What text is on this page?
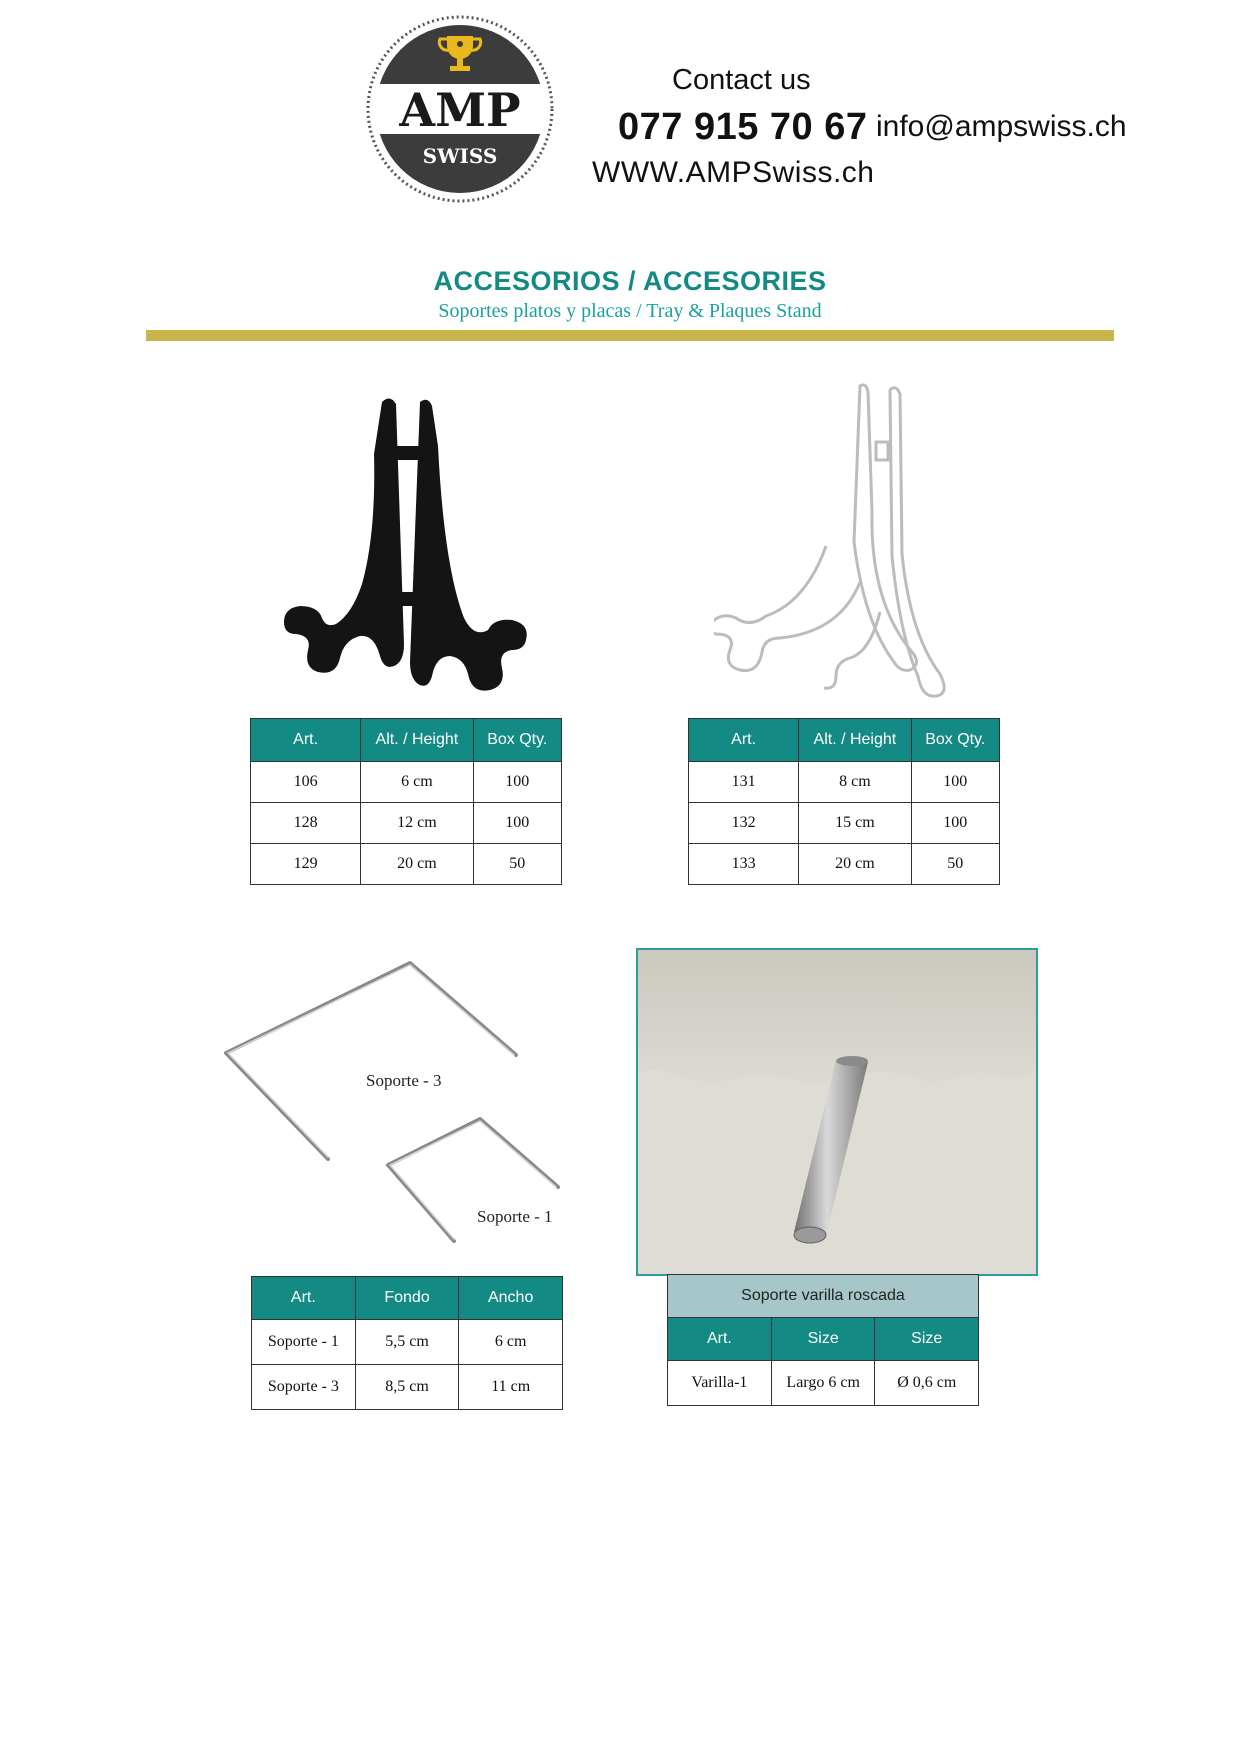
AMP
SWISS
Contact us
077 915 70 67 info@ampswiss.ch
WWW.AMPSwiss.ch
ACCESORIOS / ACCESORIES
Soportes platos y placas / Tray & Plaques Stand
Art.	Alt. / Height	Box Qty.
106	6 cm	100
128	12 cm	100
129	20 cm	50
Art.	Alt. / Height	Box Qty.
131	8 cm	100
132	15 cm	100
133	20 cm	50
Soporte - 3
Soporte - 1
Art.	Fondo	Ancho
Soporte - 1	5,5 cm	6 cm
Soporte - 3	8,5 cm	11 cm
Soporte varilla roscada		
Art.	Size	Size
Varilla-1	Largo 6 cm	Ø 0,6 cm
